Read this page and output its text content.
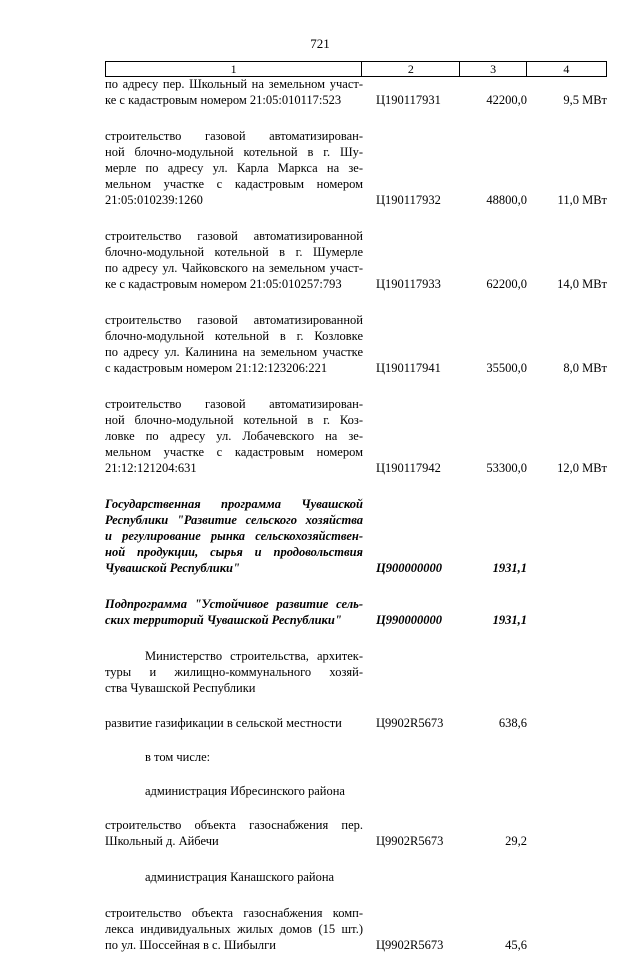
721
1	2	3	4
по адресу пер. Школьный на земельном участ-
ке с кадастровым номером 21:05:010117:523	Ц190117931	42200,0	9,5 МВт
строительство газовой автоматизирован-
ной блочно-модульной котельной в г. Шу-
мерле по адресу ул. Карла Маркса на зе-
мельном участке с кадастровым номером
21:05:010239:1260	Ц190117932	48800,0	11,0 МВт
строительство газовой автоматизированной
блочно-модульной котельной в г. Шумерле
по адресу ул. Чайковского на земельном участ-
ке с кадастровым номером 21:05:010257:793	Ц190117933	62200,0	14,0 МВт
строительство газовой автоматизированной
блочно-модульной котельной в г. Козловке
по адресу ул. Калинина на земельном участке
с кадастровым номером 21:12:123206:221	Ц190117941	35500,0	8,0 МВт
строительство газовой автоматизирован-
ной блочно-модульной котельной в г. Коз-
ловке по адресу ул. Лобачевского на зе-
мельном участке с кадастровым номером
21:12:121204:631	Ц190117942	53300,0	12,0 МВт
Государственная программа Чувашской
Республики "Развитие сельского хозяйства
и регулирование рынка сельскохозяйствен-
ной продукции, сырья и продовольствия
Чувашской Республики"	Ц900000000	1931,1
Подпрограмма "Устойчивое развитие сель-
ских территорий Чувашской Республики"	Ц990000000	1931,1
Министерство строительства, архитек-
туры и жилищно-коммунального хозяй-
ства Чувашской Республики
развитие газификации в сельской местности	Ц9902R5673	638,6
в том числе:
администрация Ибресинского района
строительство объекта газоснабжения пер.
Школьный д. Айбечи	Ц9902R5673	29,2
администрация Канашского района
строительство объекта газоснабжения комп-
лекса индивидуальных жилых домов (15 шт.)
по ул. Шоссейная в с. Шибылги	Ц9902R5673	45,6
